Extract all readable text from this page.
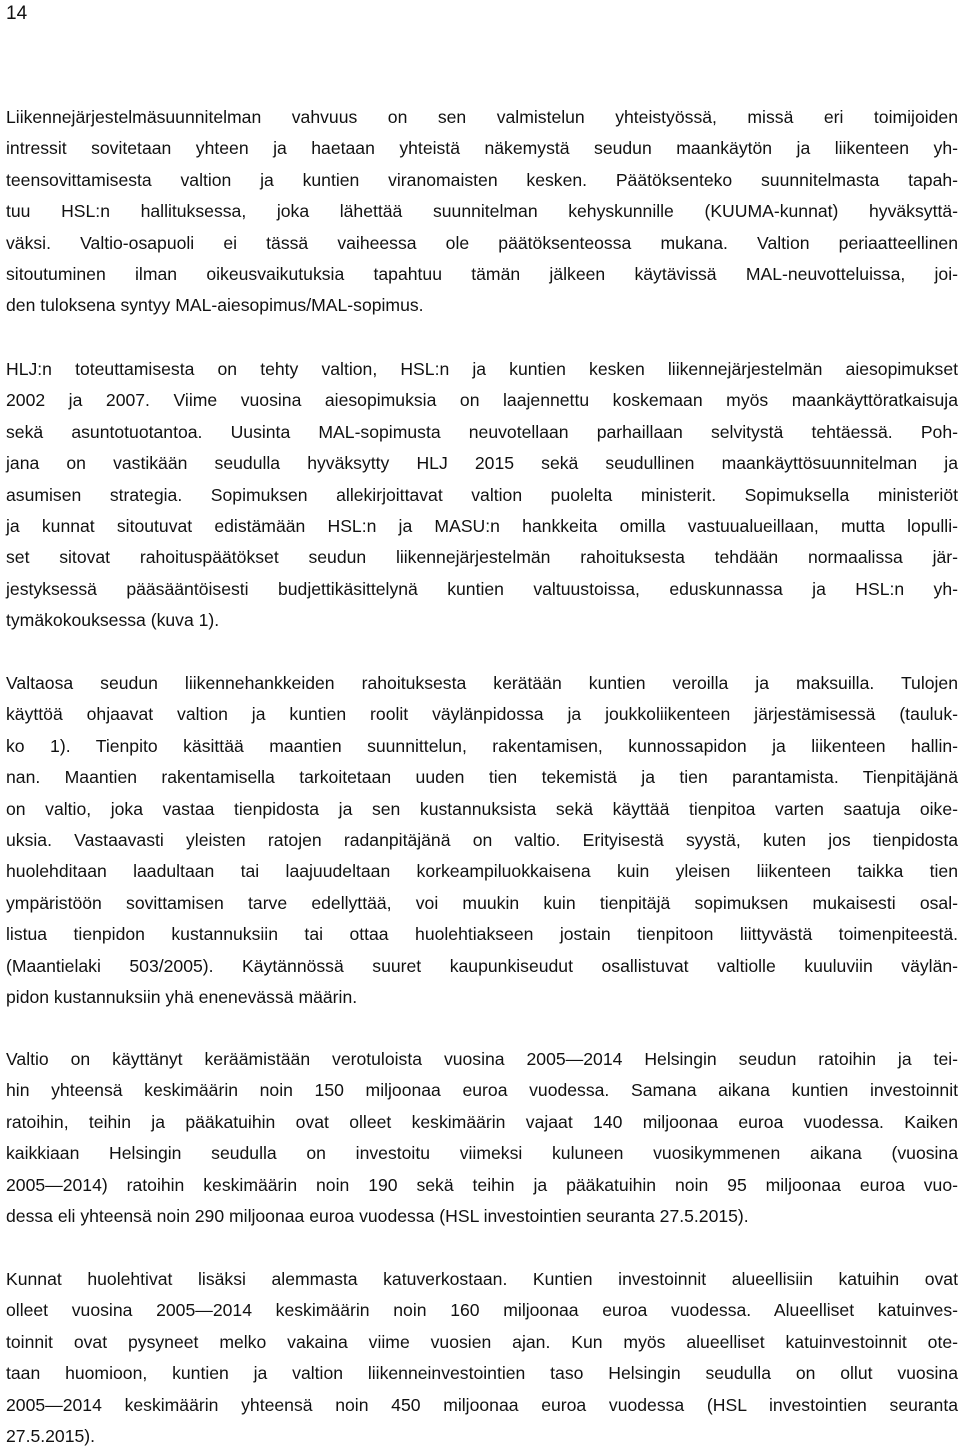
14
Liikennejärjestelmäsuunnitelman vahvuus on sen valmistelun yhteistyössä, missä eri toimijoiden
intressit sovitetaan yhteen ja haetaan yhteistä näkemystä seudun maankäytön ja liikenteen yh-
teensovittamisesta valtion ja kuntien viranomaisten kesken. Päätöksenteko suunnitelmasta tapah-
tuu HSL:n hallituksessa, joka lähettää suunnitelman kehyskunnille (KUUMA-kunnat) hyväksyttä-
väksi. Valtio-osapuoli ei tässä vaiheessa ole päätöksenteossa mukana. Valtion periaatteellinen
sitoutuminen ilman oikeusvaikutuksia tapahtuu tämän jälkeen käytävissä MAL-neuvotteluissa, joi-
den tuloksena syntyy MAL-aiesopimus/MAL-sopimus.
HLJ:n toteuttamisesta on tehty valtion, HSL:n ja kuntien kesken liikennejärjestelmän aiesopimukset
2002 ja 2007. Viime vuosina aiesopimuksia on laajennettu koskemaan myös maankäyttöratkaisuja
sekä asuntotuotantoa. Uusinta MAL-sopimusta neuvotellaan parhaillaan selvitystä tehtäessä. Poh-
jana on vastikään seudulla hyväksytty HLJ 2015 sekä seudullinen maankäyttösuunnitelman ja
asumisen strategia. Sopimuksen allekirjoittavat valtion puolelta ministerit. Sopimuksella ministeriöt
ja kunnat sitoutuvat edistämään HSL:n ja MASU:n hankkeita omilla vastuualueillaan, mutta lopulli-
set sitovat rahoituspäätökset seudun liikennejärjestelmän rahoituksesta tehdään normaalissa jär-
jestyksessä pääsääntöisesti budjettikäsittelynä kuntien valtuustoissa, eduskunnassa ja HSL:n yh-
tymäkokouksessa (kuva 1).
Valtaosa seudun liikennehankkeiden rahoituksesta kerätään kuntien veroilla ja maksuilla. Tulojen
käyttöä ohjaavat valtion ja kuntien roolit väylänpidossa ja joukkoliikenteen järjestämisessä (tauluk-
ko 1). Tienpito käsittää maantien suunnittelun, rakentamisen, kunnossapidon ja liikenteen hallin-
nan. Maantien rakentamisella tarkoitetaan uuden tien tekemistä ja tien parantamista. Tienpitäjänä
on valtio, joka vastaa tienpidosta ja sen kustannuksista sekä käyttää tienpitoa varten saatuja oike-
uksia. Vastaavasti yleisten ratojen radanpitäjänä on valtio. Erityisestä syystä, kuten jos tienpidosta
huolehditaan laadultaan tai laajuudeltaan korkeampiluokkaisena kuin yleisen liikenteen taikka tien
ympäristöön sovittamisen tarve edellyttää, voi muukin kuin tienpitäjä sopimuksen mukaisesti osal-
listua tienpidon kustannuksiin tai ottaa huolehtiakseen jostain tienpitoon liittyvästä toimenpiteestä.
(Maantielaki 503/2005). Käytännössä suuret kaupunkiseudut osallistuvat valtiolle kuuluviin väylän-
pidon kustannuksiin yhä enenevässä määrin.
Valtio on käyttänyt keräämistään verotuloista vuosina 2005—2014 Helsingin seudun ratoihin ja tei-
hin yhteensä keskimäärin noin 150 miljoonaa euroa vuodessa. Samana aikana kuntien investoinnit
ratoihin, teihin ja pääkatuihin ovat olleet keskimäärin vajaat 140 miljoonaa euroa vuodessa. Kaiken
kaikkiaan Helsingin seudulla on investoitu viimeksi kuluneen vuosikymmenen aikana (vuosina
2005—2014) ratoihin keskimäärin noin 190 sekä teihin ja pääkatuihin noin 95 miljoonaa euroa vuo-
dessa eli yhteensä noin 290 miljoonaa euroa vuodessa (HSL investointien seuranta 27.5.2015).
Kunnat huolehtivat lisäksi alemmasta katuverkostaan. Kuntien investoinnit alueellisiin katuihin ovat
olleet vuosina 2005—2014 keskimäärin noin 160 miljoonaa euroa vuodessa. Alueelliset katuinves-
toinnit ovat pysyneet melko vakaina viime vuosien ajan. Kun myös alueelliset katuinvestoinnit ote-
taan huomioon, kuntien ja valtion liikenneinvestointien taso Helsingin seudulla on ollut vuosina
2005—2014 keskimäärin yhteensä noin 450 miljoonaa euroa vuodessa (HSL investointien seuranta
27.5.2015).
